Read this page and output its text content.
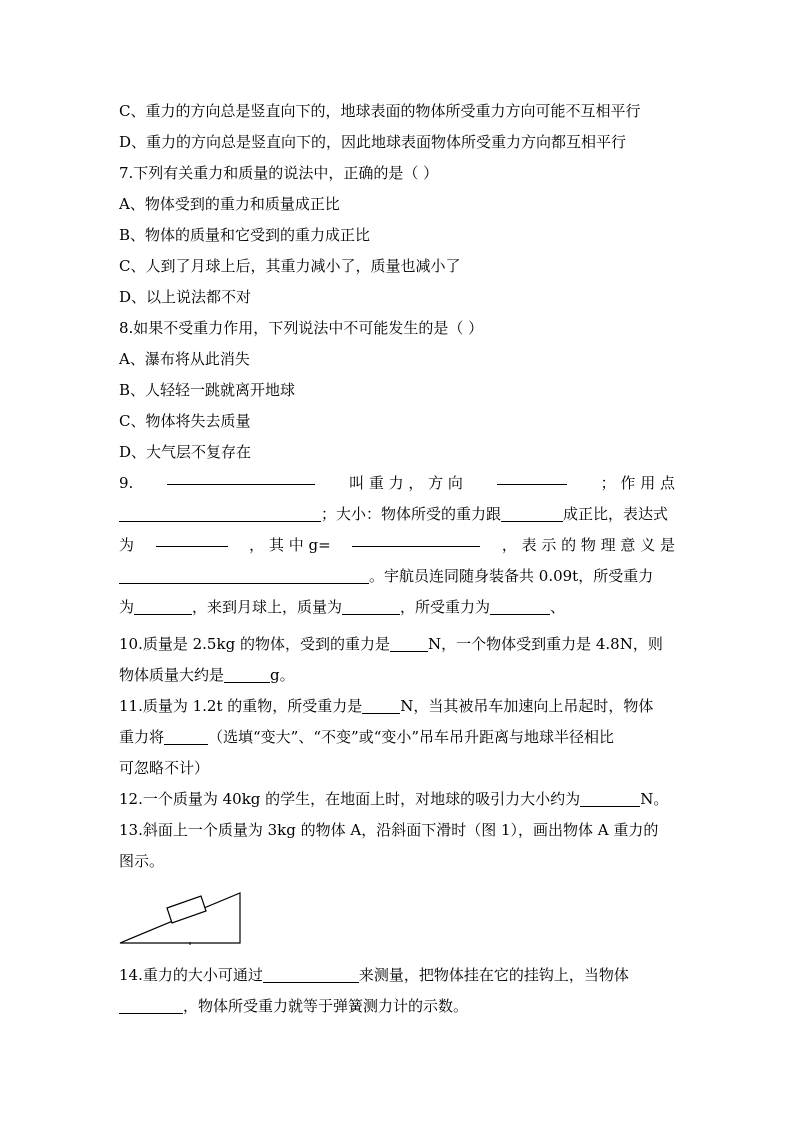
C、重力的方向总是竖直向下的，地球表面的物体所受重力方向可能不互相平行
D、重力的方向总是竖直向下的，因此地球表面物体所受重力方向都互相平行
7.下列有关重力和质量的说法中，正确的是（ ）
A、物体受到的重力和质量成正比
B、物体的质量和它受到的重力成正比
C、人到了月球上后，其重力减小了，质量也减小了
D、以上说法都不对
8.如果不受重力作用，下列说法中不可能发生的是（ ）
A、瀑布将从此消失
B、人轻轻一跳就离开地球
C、物体将失去质量
D、大气层不复存在
9.	叫 重 力 ， 方 向	； 作 用 点
；大小：物体所受的重力跟	成正比，表达式
为	， 其 中 g=	， 表 示 的 物 理 意 义 是
。宇航员连同随身装备共 0.09t，所受重力
为	，来到月球上，质量为	，所受重力为	、
10.质量是 2.5kg 的物体，受到的重力是	N，一个物体受到重力是 4.8N，则
物体质量大约是	g。
11.质量为 1.2t 的重物，所受重力是	N，当其被吊车加速向上吊起时，物体
重力将	（选填“变大”、“不变”或“变小”吊车吊升距离与地球半径相比
可忽略不计）
12.一个质量为 40kg 的学生，在地面上时，对地球的吸引力大小约为	N。
13.斜面上一个质量为 3kg 的物体 A，沿斜面下滑时（图 1），画出物体 A 重力的
图示。
14.重力的大小可通过	来测量，把物体挂在它的挂钩上，当物体
，物体所受重力就等于弹簧测力计的示数。
